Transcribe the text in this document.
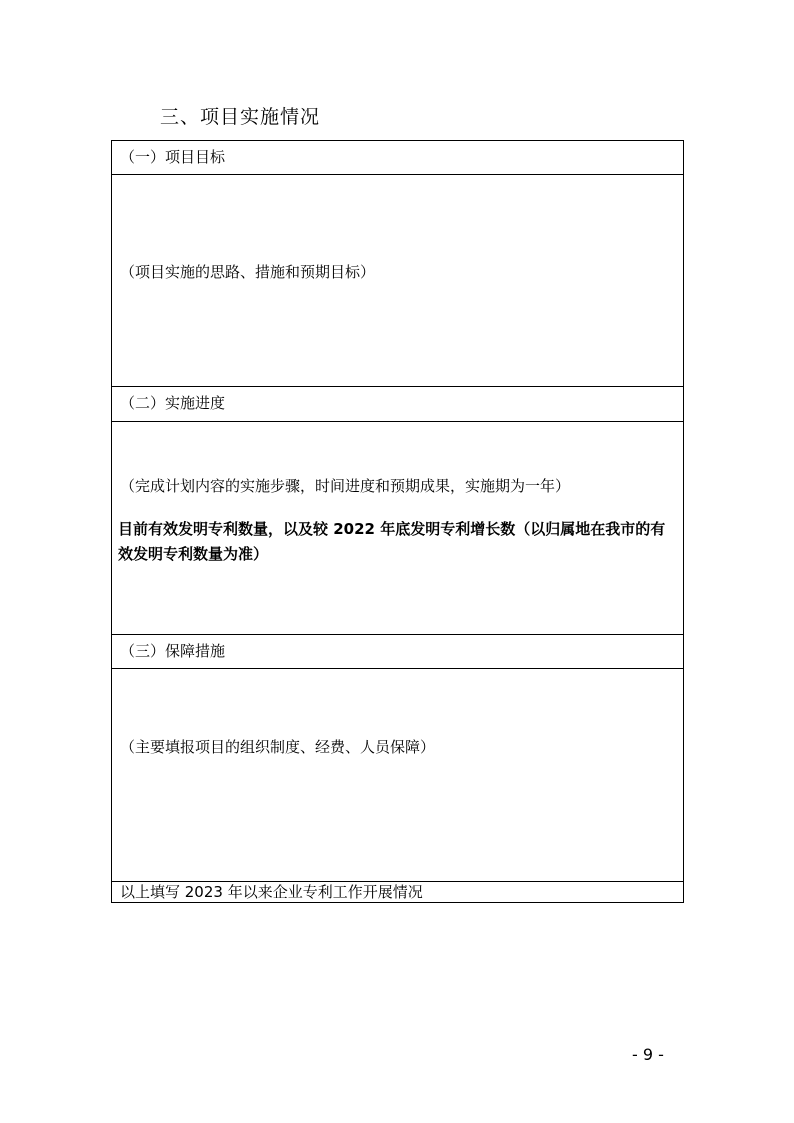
三、项目实施情况
（一）项目目标
（项目实施的思路、措施和预期目标）
（二）实施进度
（完成计划内容的实施步骤，时间进度和预期成果，实施期为一年）
目前有效发明专利数量，以及较 2022 年底发明专利增长数（以归属地在我市的有效发明专利数量为准）
（三）保障措施
（主要填报项目的组织制度、经费、人员保障）
以上填写 2023 年以来企业专利工作开展情况
- 9 -
